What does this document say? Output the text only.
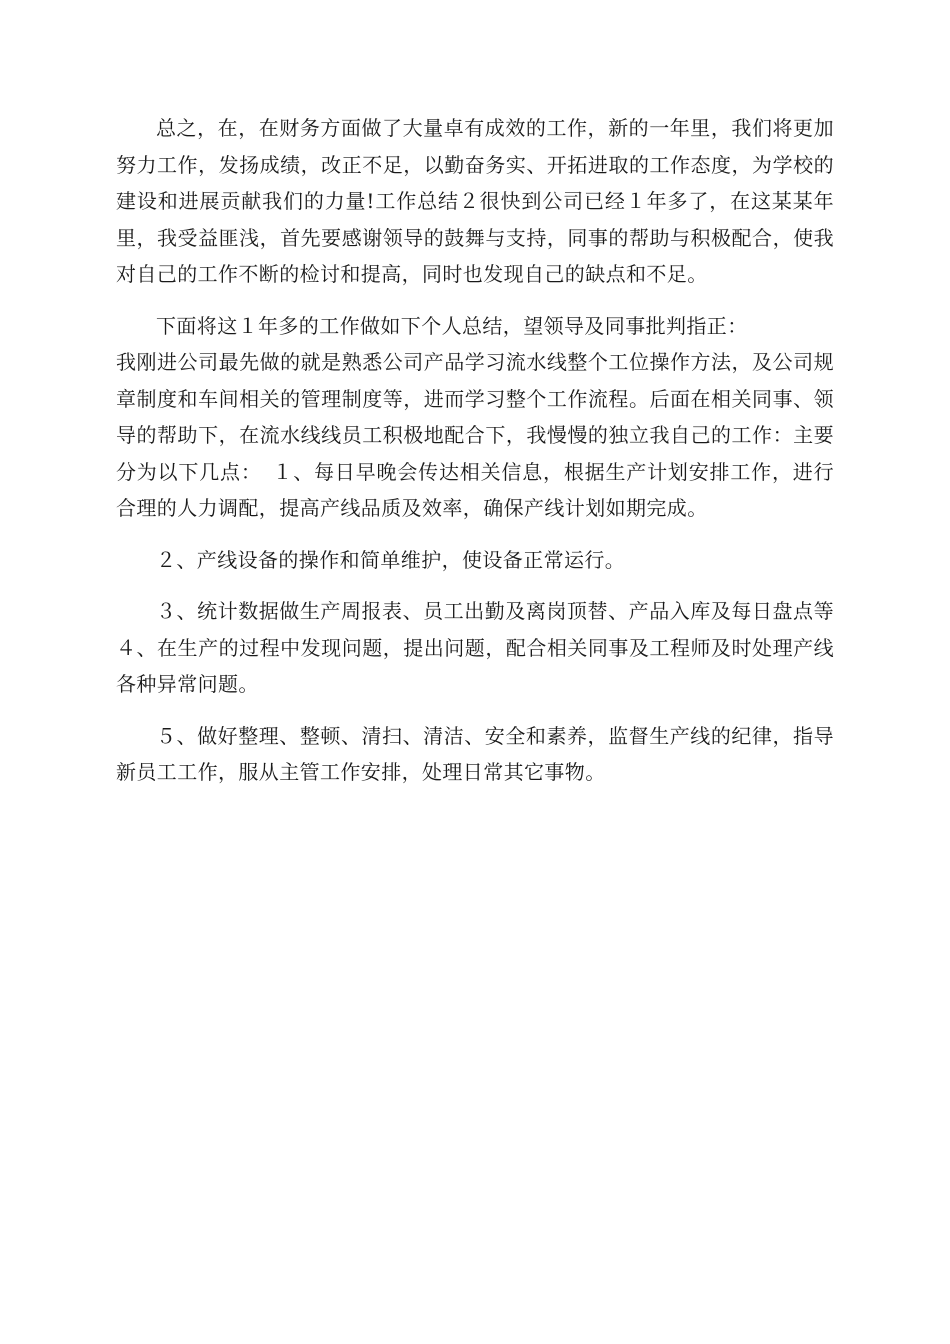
总之，在，在财务方面做了大量卓有成效的工作，新的一年里，我们将更加努力工作，发扬成绩，改正不足，以勤奋务实、开拓进取的工作态度，为学校的建设和进展贡献我们的力量!工作总结２很快到公司已经１年多了，在这某某年里，我受益匪浅，首先要感谢领导的鼓舞与支持，同事的帮助与积极配合，使我对自己的工作不断的检讨和提高，同时也发现自己的缺点和不足。

下面将这１年多的工作做如下个人总结，望领导及同事批判指正：

我刚进公司最先做的就是熟悉公司产品学习流水线整个工位操作方法，及公司规章制度和车间相关的管理制度等，进而学习整个工作流程。后面在相关同事、领导的帮助下，在流水线线员工积极地配合下，我慢慢的独立我自己的工作：主要分为以下几点：　１、每日早晚会传达相关信息，根据生产计划安排工作，进行合理的人力调配，提高产线品质及效率，确保产线计划如期完成。

２、产线设备的操作和简单维护，使设备正常运行。

３、统计数据做生产周报表、员工出勤及离岗顶替、产品入库及每日盘点等４、在生产的过程中发现问题，提出问题，配合相关同事及工程师及时处理产线各种异常问题。

５、做好整理、整顿、清扫、清洁、安全和素养，监督生产线的纪律，指导新员工工作，服从主管工作安排，处理日常其它事物。
